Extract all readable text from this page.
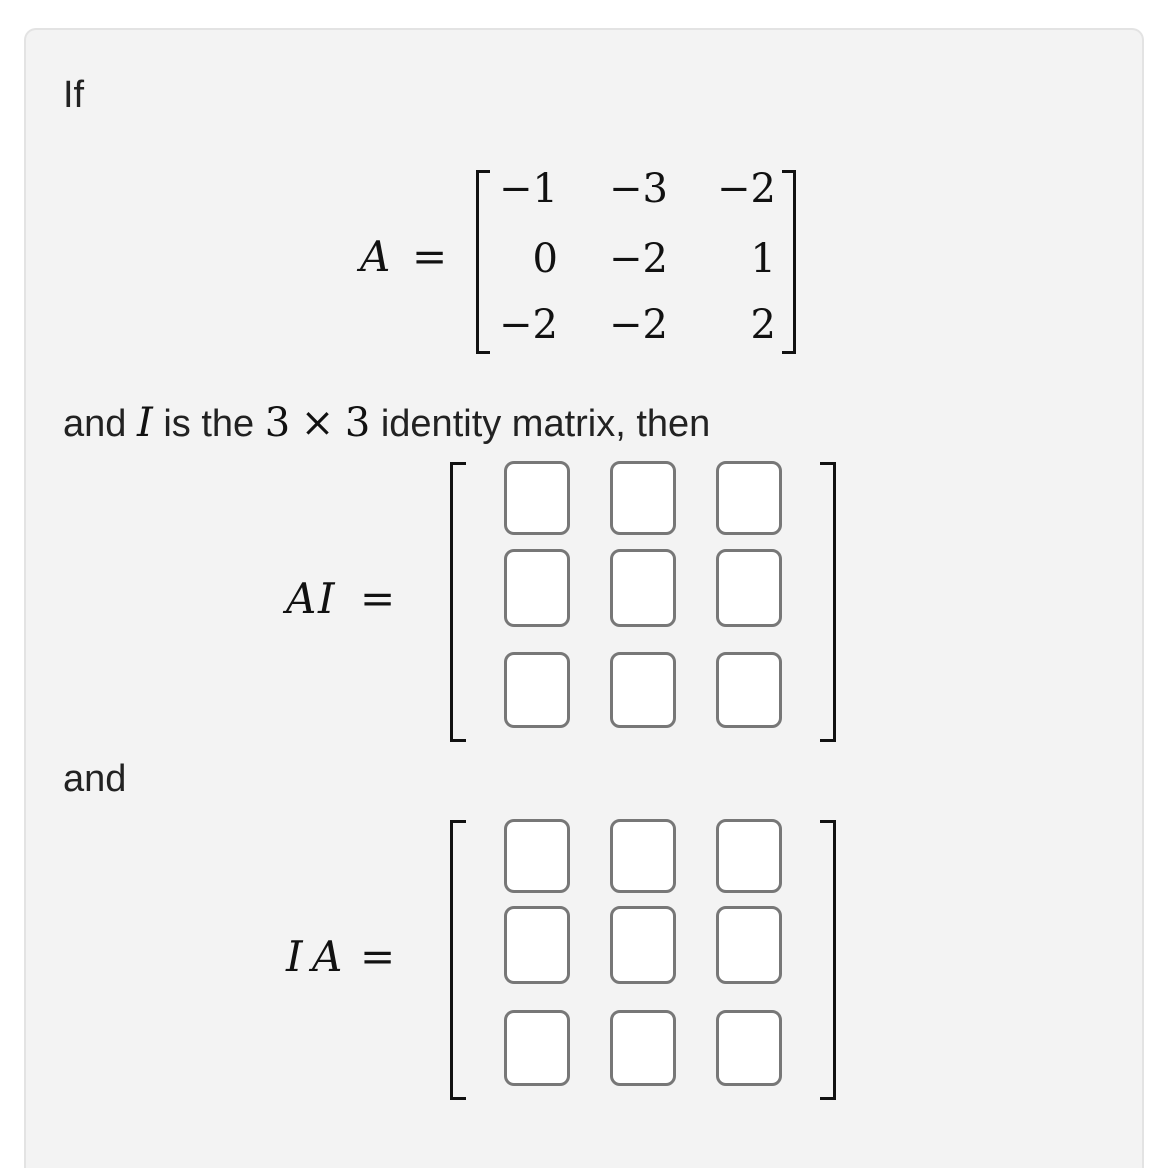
If
A =
−1	−3	−2
0	−2	1
−2	−2	2
and I is the 3 × 3 identity matrix, then
A I =
and
I A =
